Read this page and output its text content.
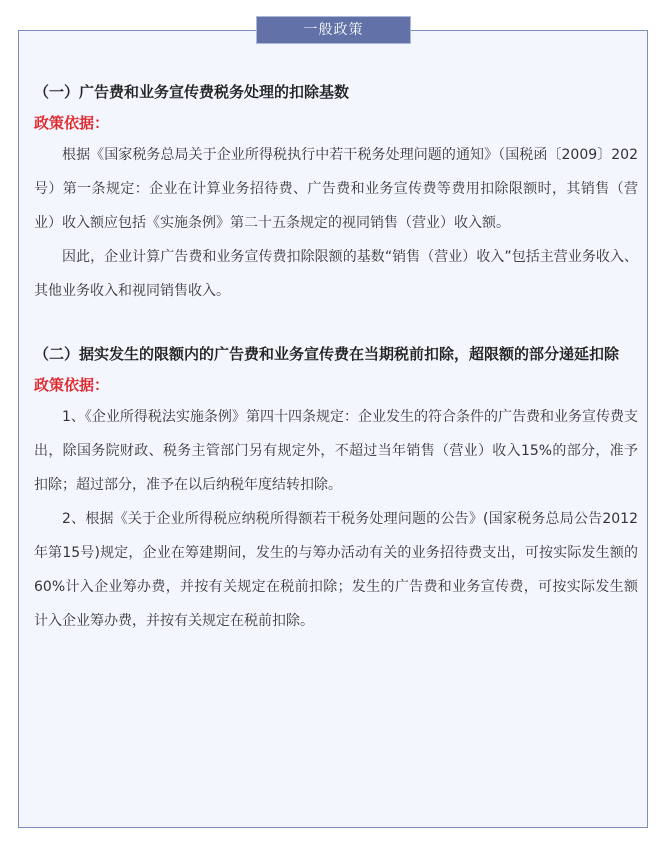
一般政策

（一）广告费和业务宣传费税务处理的扣除基数

政策依据：

根据《国家税务总局关于企业所得税执行中若干税务处理问题的通知》（国税函〔2009〕202号）第一条规定：企业在计算业务招待费、广告费和业务宣传费等费用扣除限额时，其销售（营业）收入额应包括《实施条例》第二十五条规定的视同销售（营业）收入额。

因此，企业计算广告费和业务宣传费扣除限额的基数“销售（营业）收入”包括主营业务收入、其他业务收入和视同销售收入。

（二）据实发生的限额内的广告费和业务宣传费在当期税前扣除，超限额的部分递延扣除

政策依据：

1、《企业所得税法实施条例》第四十四条规定：企业发生的符合条件的广告费和业务宣传费支出，除国务院财政、税务主管部门另有规定外，不超过当年销售（营业）收入15%的部分，准予扣除；超过部分，准予在以后纳税年度结转扣除。

2、根据《关于企业所得税应纳税所得额若干税务处理问题的公告》(国家税务总局公告2012年第15号)规定，企业在筹建期间，发生的与筹办活动有关的业务招待费支出，可按实际发生额的60%计入企业筹办费，并按有关规定在税前扣除；发生的广告费和业务宣传费，可按实际发生额计入企业筹办费，并按有关规定在税前扣除。
